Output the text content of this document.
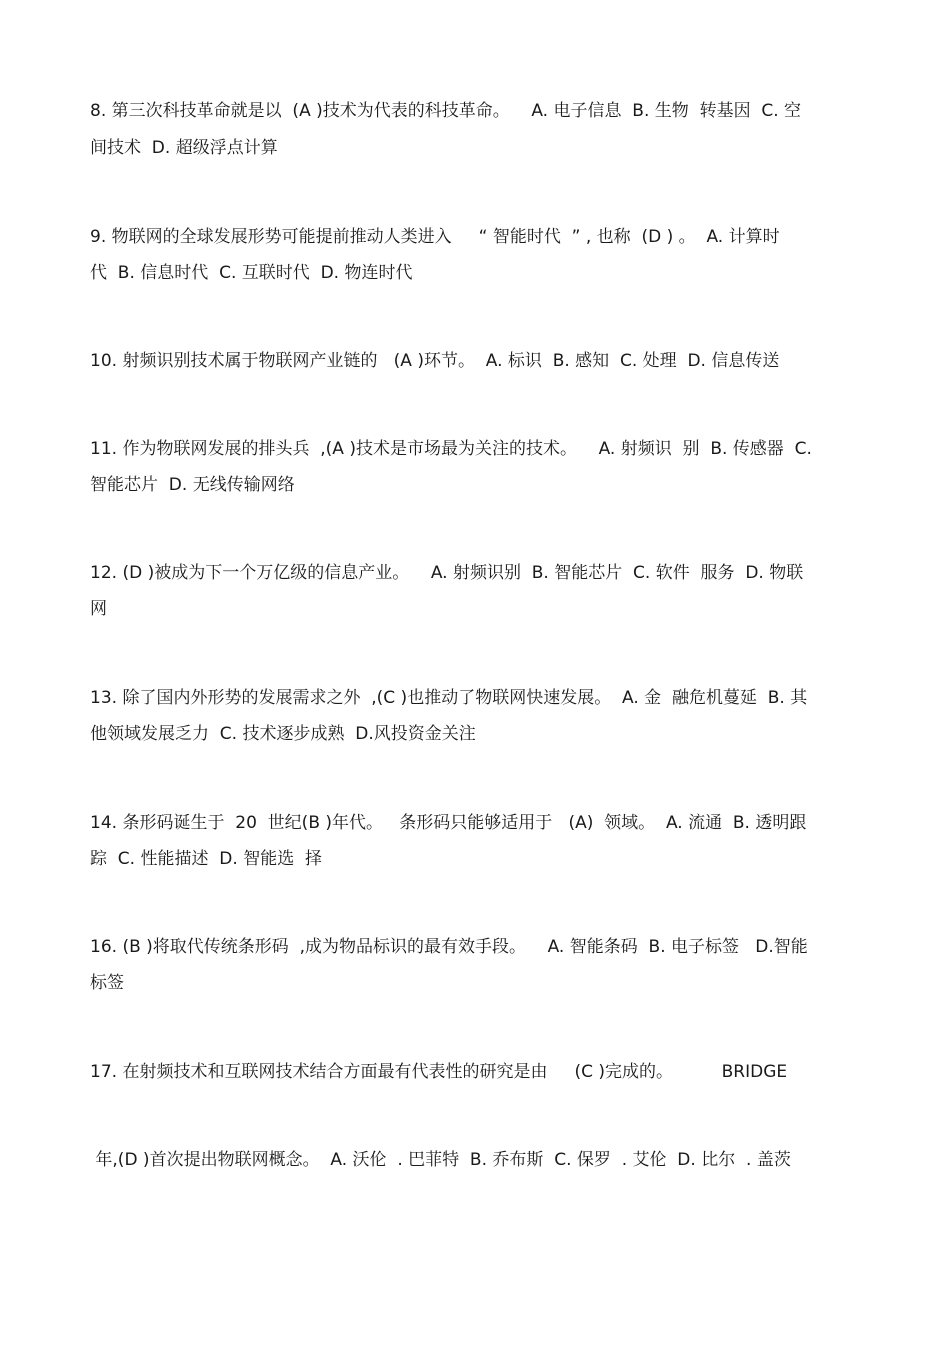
8. 第三次科技革命就是以  (A )技术为代表的科技革命。    A. 电子信息  B. 生物  转基因  C. 空
间技术  D. 超级浮点计算
9. 物联网的全球发展形势可能提前推动人类进入     “ 智能时代  ” , 也称  (D ) 。  A. 计算时
代  B. 信息时代  C. 互联时代  D. 物连时代
10. 射频识别技术属于物联网产业链的   (A )环节。  A. 标识  B. 感知  C. 处理  D. 信息传送
11. 作为物联网发展的排头兵  ,(A )技术是市场最为关注的技术。    A. 射频识  别  B. 传感器  C.
智能芯片  D. 无线传输网络
12. (D )被成为下一个万亿级的信息产业。    A. 射频识别  B. 智能芯片  C. 软件  服务  D. 物联
网
13. 除了国内外形势的发展需求之外  ,(C )也推动了物联网快速发展。  A. 金  融危机蔓延  B. 其
他领域发展乏力  C. 技术逐步成熟  D.风投资金关注
14. 条形码诞生于  20  世纪(B )年代。   条形码只能够适用于   (A)  领域。  A. 流通  B. 透明跟
踪  C. 性能描述  D. 智能选  择
16. (B )将取代传统条形码  ,成为物品标识的最有效手段。    A. 智能条码  B. 电子标签   D.智能
标签
17. 在射频技术和互联网技术结合方面最有代表性的研究是由     (C )完成的。         BRIDGE
年,(D )首次提出物联网概念。  A. 沃伦  . 巴菲特  B. 乔布斯  C. 保罗  . 艾伦  D. 比尔  . 盖茨
